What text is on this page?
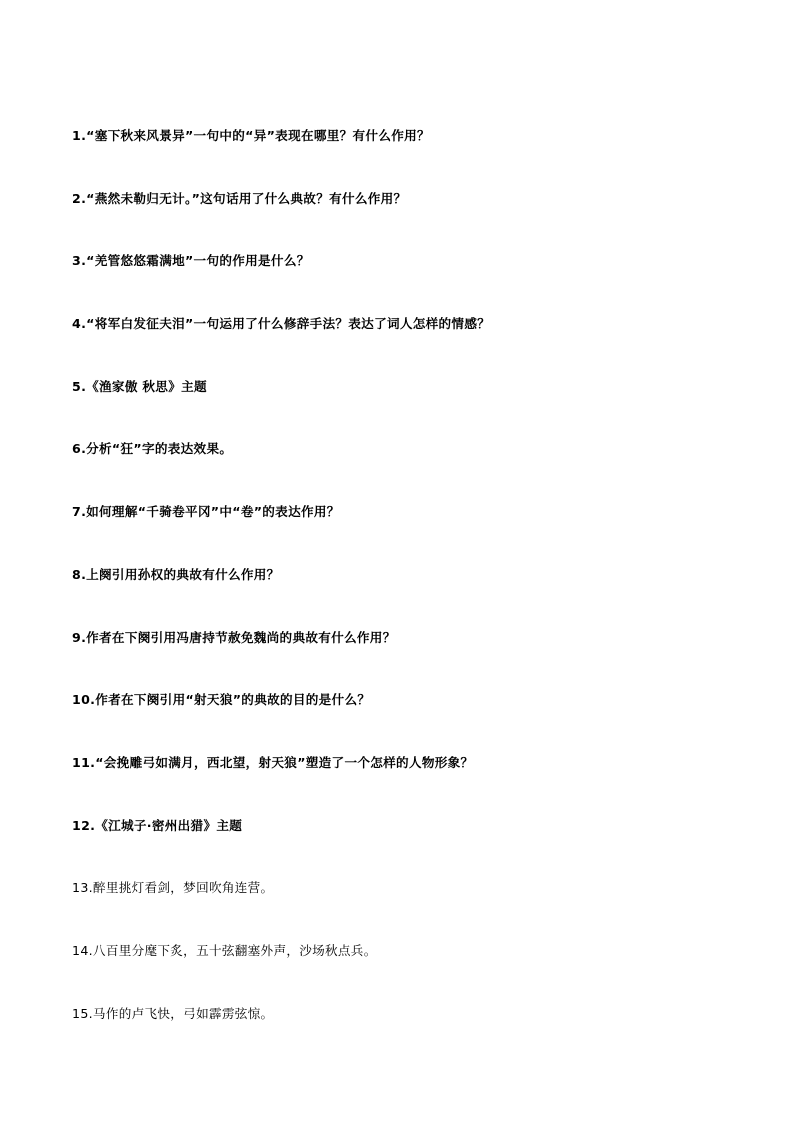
1.“塞下秋来风景异”一句中的“异”表现在哪里？有什么作用？
2.“燕然未勒归无计。”这句话用了什么典故？有什么作用？
3.“羌管悠悠霜满地”一句的作用是什么？
4.“将军白发征夫泪”一句运用了什么修辞手法？表达了词人怎样的情感？
5.《渔家傲 秋思》主题
6.分析“狂”字的表达效果。
7.如何理解“千骑卷平冈”中“卷”的表达作用？
8.上阕引用孙权的典故有什么作用？
9.作者在下阕引用冯唐持节赦免魏尚的典故有什么作用？
10.作者在下阕引用“射天狼”的典故的目的是什么？
11.“会挽雕弓如满月，西北望，射天狼”塑造了一个怎样的人物形象？
12.《江城子·密州出猎》主题
13.醉里挑灯看剑，梦回吹角连营。
14.八百里分麾下炙，五十弦翻塞外声，沙场秋点兵。
15.马作的卢飞快，弓如霹雳弦惊。
